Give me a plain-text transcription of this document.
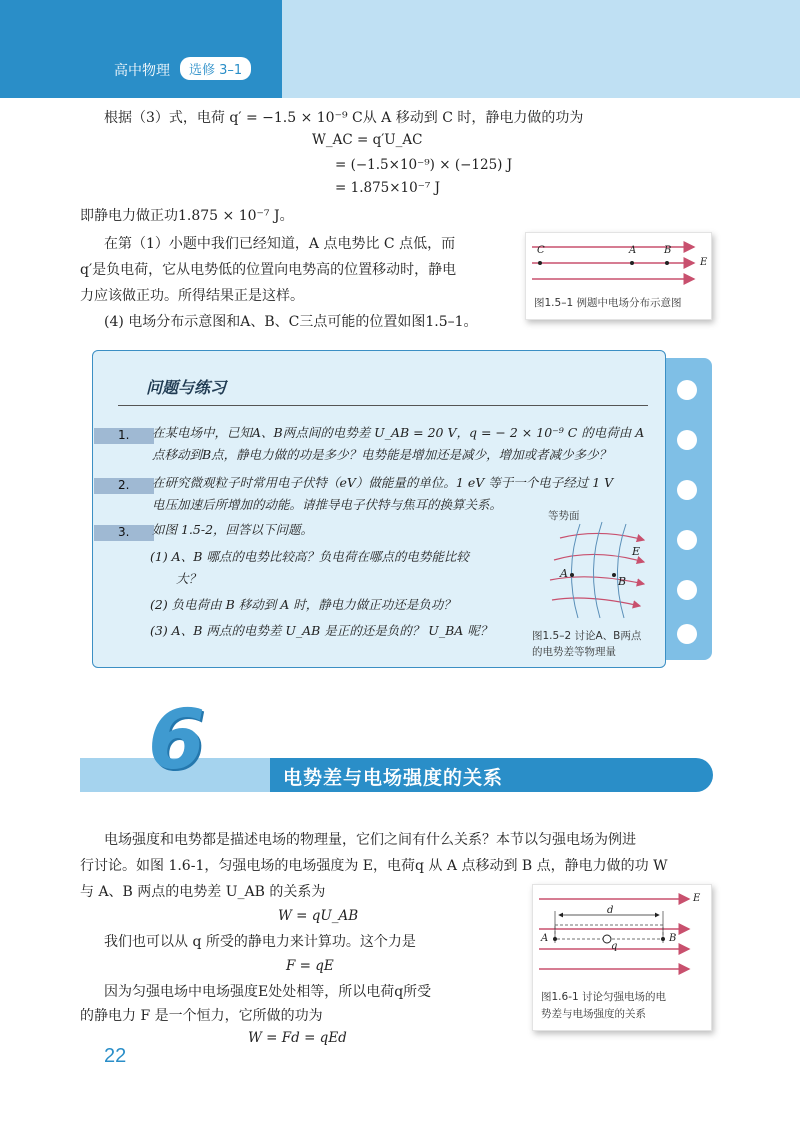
高中物理	选修 3–1
根据（3）式，电荷 q′ = −1.5 × 10⁻⁹ C从 A 移动到 C 时，静电力做的功为
W_AC = q′U_AC
= (−1.5×10⁻⁹) × (−125) J
= 1.875×10⁻⁷ J
即静电力做正功1.875 × 10⁻⁷ J。
在第（1）小题中我们已经知道，A 点电势比 C 点低，而
q′是负电荷，它从电势低的位置向电势高的位置移动时，静电
力应该做正功。所得结果正是这样。
(4) 电场分布示意图和A、B、C三点可能的位置如图1.5–1。
C	A	B
E
图1.5–1 例题中电场分布示意图
问题与练习
1. 在某电场中，已知A、B两点间的电势差 U_AB = 20 V，q = − 2 × 10⁻⁹ C 的电荷由 A
点移动到B点，静电力做的功是多少？电势能是增加还是减少，增加或者减少多少？
2. 在研究微观粒子时常用电子伏特（eV）做能量的单位。1 eV 等于一个电子经过 1 V
电压加速后所增加的动能。请推导电子伏特与焦耳的换算关系。
3. 如图 1.5-2，回答以下问题。
(1) A、B 哪点的电势比较高？负电荷在哪点的电势能比较
大？
(2) 负电荷由 B 移动到 A 时，静电力做正功还是负功？
(3) A、B 两点的电势差 U_AB 是正的还是负的？ U_BA 呢？
等势面
E
A
B
图1.5–2 讨论A、B两点
的电势差等物理量
6	电势差与电场强度的关系
电场强度和电势都是描述电场的物理量，它们之间有什么关系？本节以匀强电场为例进
行讨论。如图 1.6-1，匀强电场的电场强度为 E，电荷q 从 A 点移动到 B 点，静电力做的功 W
与 A、B 两点的电势差 U_AB 的关系为
W = qU_AB
我们也可以从 q 所受的静电力来计算功。这个力是
F = qE
因为匀强电场中电场强度E处处相等，所以电荷q所受
的静电力 F 是一个恒力，它所做的功为
W = Fd = qEd
E
d
A	B
q
图1.6-1 讨论匀强电场的电
势差与电场强度的关系
22
